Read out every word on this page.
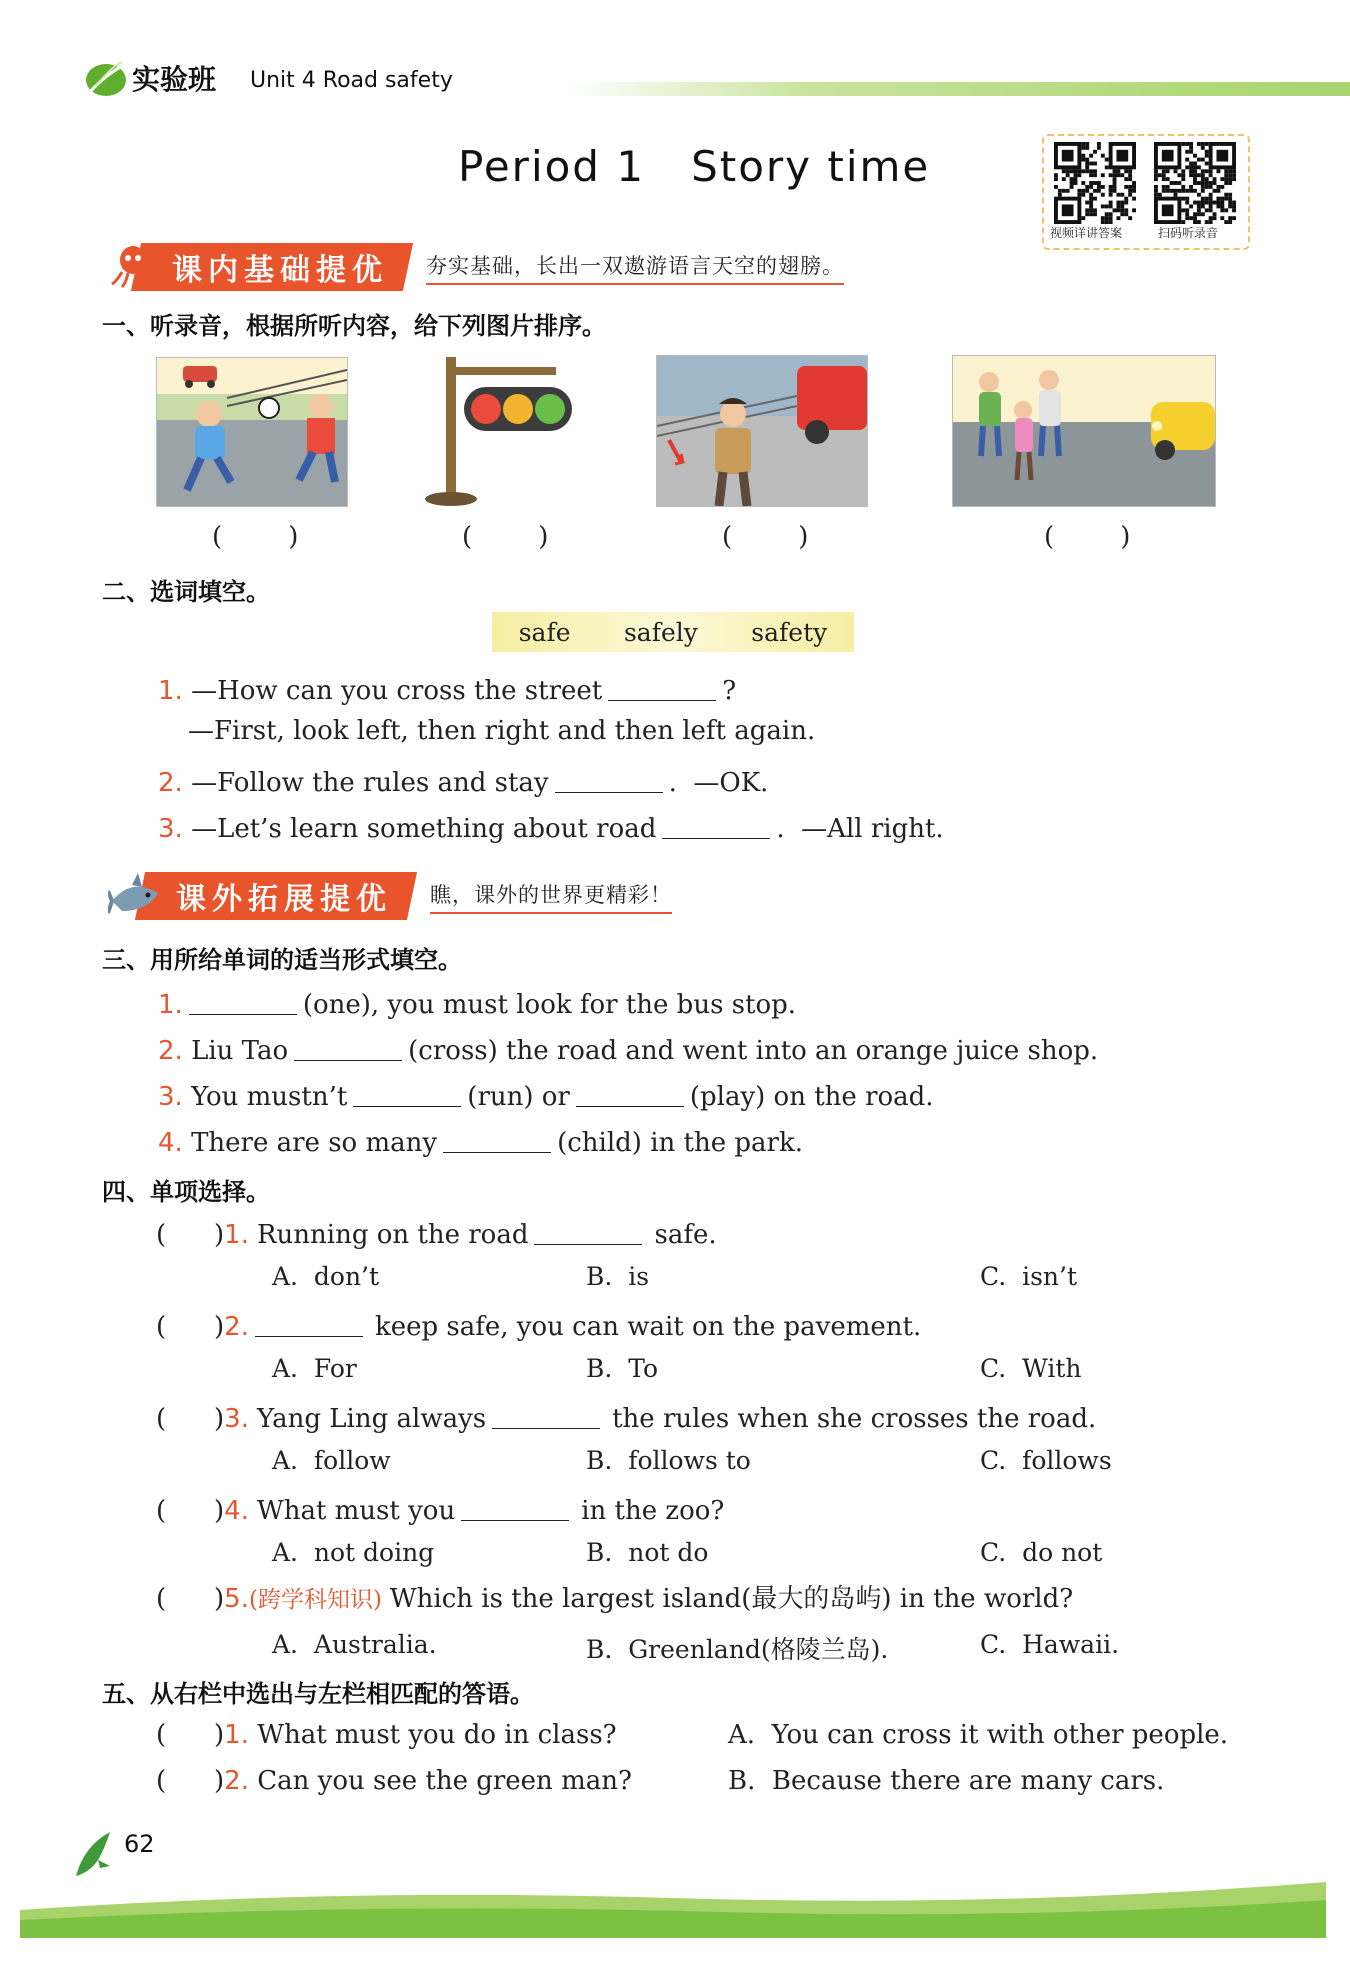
实验班 Unit 4 Road safety
Period 1   Story time
视频详讲答案	扫码听录音
课内基础提优	夯实基础，长出一双遨游语言天空的翅膀。
一、听录音，根据所听内容，给下列图片排序。
(        )	(        )	(        )	(        )
二、选词填空。
safe safely safety
1. —How can you cross the street	?
—First, look left, then right and then left again.
2. —Follow the rules and stay	.  —OK.
3. —Let’s learn something about road	.  —All right.
课外拓展提优	瞧，课外的世界更精彩！
三、用所给单词的适当形式填空。
1.	(one), you must look for the bus stop.
2. Liu Tao	(cross) the road and went into an orange juice shop.
3. You mustn’t	(run) or	(play) on the road.
4. There are so many	(child) in the park.
四、单项选择。
( )1. Running on the road	safe.
A.  don’t	B.  is	C.  isn’t
( )2.	keep safe, you can wait on the pavement.
A.  For	B.  To	C.  With
( )3. Yang Ling always	the rules when she crosses the road.
A.  follow	B.  follows to	C.  follows
( )4. What must you	in the zoo?
A.  not doing	B.  not do	C.  do not
( )5.(跨学科知识) Which is the largest island(最大的岛屿) in the world?
A.  Australia.	B.  Greenland(格陵兰岛).	C.  Hawaii.
五、从右栏中选出与左栏相匹配的答语。
( )1. What must you do in class?	A.  You can cross it with other people.
( )2. Can you see the green man?	B.  Because there are many cars.
62
